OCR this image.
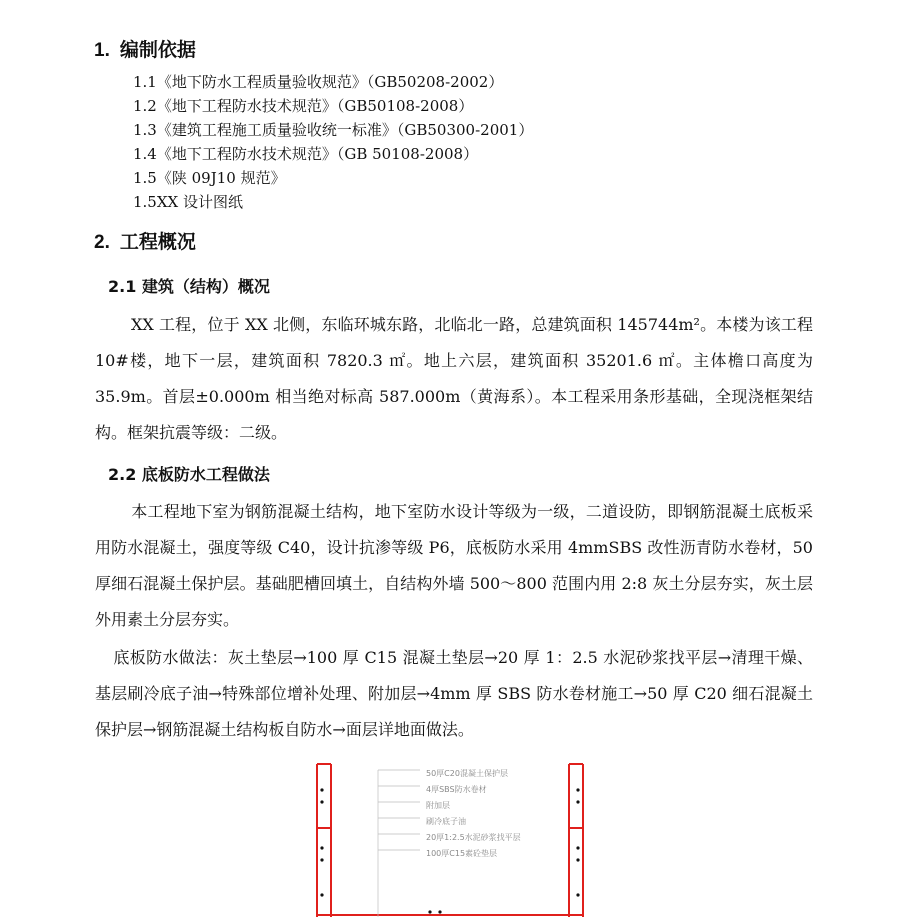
1. 编制依据
1.1《地下防水工程质量验收规范》（GB50208-2002）
1.2《地下工程防水技术规范》（GB50108-2008）
1.3《建筑工程施工质量验收统一标准》（GB50300-2001）
1.4《地下工程防水技术规范》（GB 50108-2008）
1.5《陕 09J10 规范》
1.5XX 设计图纸
2. 工程概况
2.1 建筑（结构）概况
XX 工程，位于 XX 北侧，东临环城东路，北临北一路，总建筑面积 145744m²。本楼为该工程 10#楼，地下一层，建筑面积 7820.3 ㎡。地上六层，建筑面积 35201.6 ㎡。主体檐口高度为 35.9m。首层±0.000m 相当绝对标高 587.000m（黄海系）。本工程采用条形基础，全现浇框架结构。框架抗震等级：二级。
2.2 底板防水工程做法
本工程地下室为钢筋混凝土结构，地下室防水设计等级为一级，二道设防，即钢筋混凝土底板采用防水混凝土，强度等级 C40，设计抗渗等级 P6，底板防水采用 4mmSBS 改性沥青防水卷材，50 厚细石混凝土保护层。基础肥槽回填土，自结构外墙 500～800 范围内用 2:8 灰土分层夯实，灰土层外用素土分层夯实。
底板防水做法：灰土垫层→100 厚 C15 混凝土垫层→20 厚 1：2.5 水泥砂浆找平层→清理干燥、基层刷冷底子油→特殊部位增补处理、附加层→4mm 厚 SBS 防水卷材施工→50 厚 C20 细石混凝土保护层→钢筋混凝土结构板自防水→面层详地面做法。
50厚C20混凝土保护层
4厚SBS防水卷材
附加层
刷冷底子油
20厚1:2.5水泥砂浆找平层
100厚C15素砼垫层
